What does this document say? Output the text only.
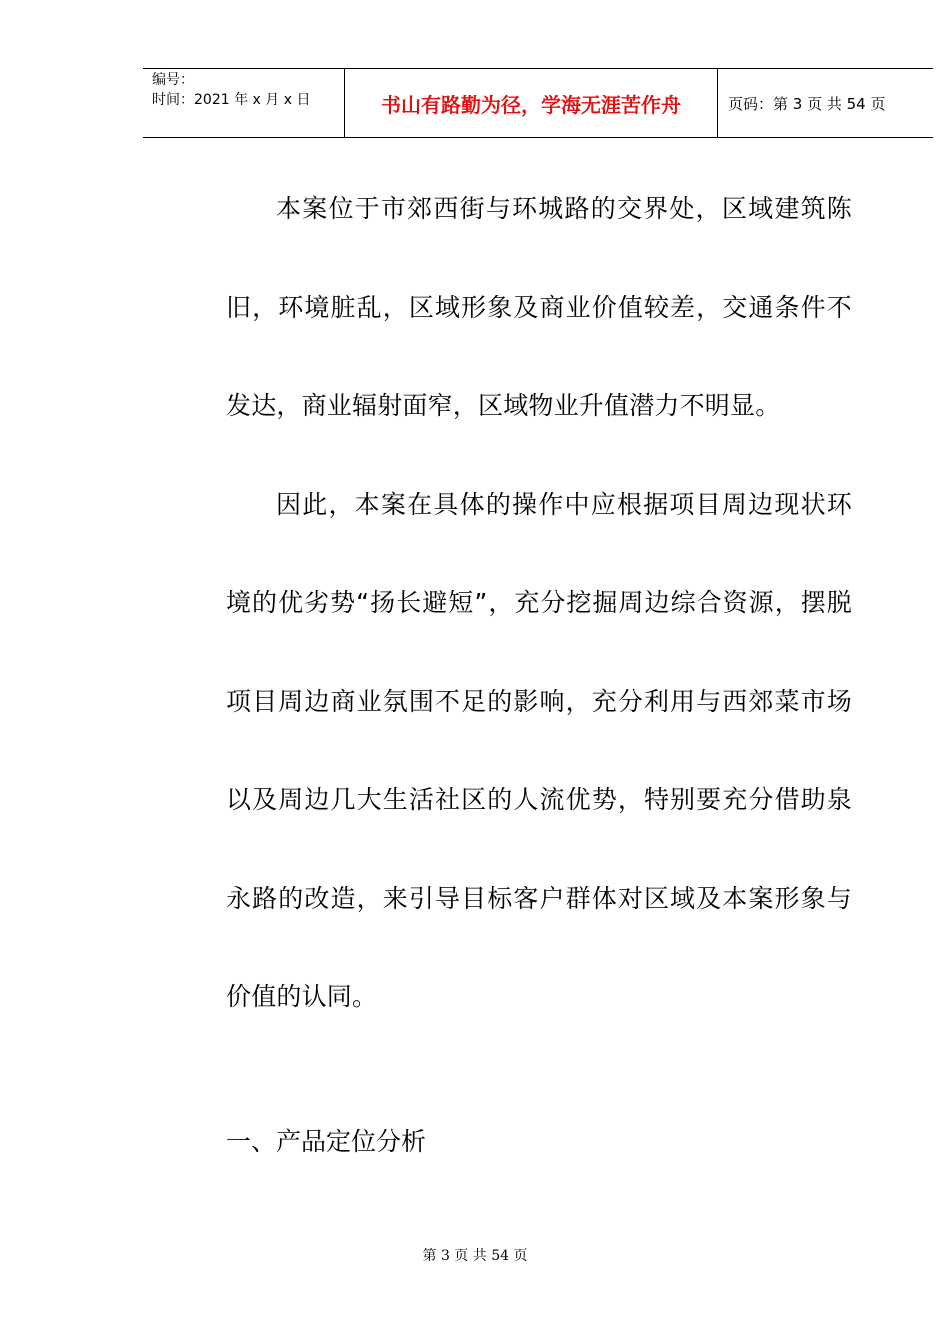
编号：
时间：2021 年 x 月 x 日	书山有路勤为径，学海无涯苦作舟	页码：第 3 页 共 54 页

本案位于市郊西街与环城路的交界处，区域建筑陈旧，环境脏乱，区域形象及商业价值较差，交通条件不发达，商业辐射面窄，区域物业升值潜力不明显。

因此，本案在具体的操作中应根据项目周边现状环境的优劣势“扬长避短”，充分挖掘周边综合资源，摆脱项目周边商业氛围不足的影响，充分利用与西郊菜市场以及周边几大生活社区的人流优势，特别要充分借助泉永路的改造，来引导目标客户群体对区域及本案形象与价值的认同。

一、产品定位分析

第 3 页 共 54 页
